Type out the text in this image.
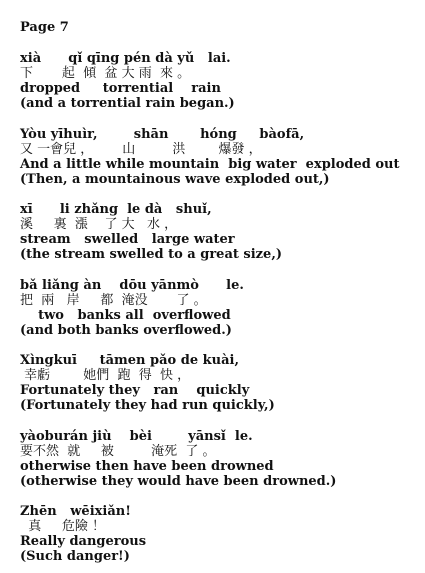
Page 7

xià      qǐ qīng pén dà yǔ   lai.

下       起  傾  盆 大 雨  來 。

dropped     torrential    rain

(and a torrential rain began.)

Yòu yīhuìr,        shān       hóng     bàofā,

又 一會兒 ，       山         洪        爆發 ，

And a little while mountain  big water  exploded out

(Then, a mountainous wave exploded out,)

xī      li zhǎng  le dà   shuǐ,

溪     裏  漲    了 大   水 ，

stream   swelled   large water

(the stream swelled to a great size,)

bǎ liǎng àn    dōu yānmò      le.

把  兩   岸     都  淹没       了 。

two   banks all  overflowed

(and both banks overflowed.)

Xìngkuī     tāmen pǎo de kuài,

幸虧        她們  跑  得  快 ，

Fortunately they   ran    quickly

(Fortunately they had run quickly,)

yàoburán jiù    bèi        yānsǐ  le.

要不然  就     被         淹死  了 。

otherwise then have been drowned

(otherwise they would have been drowned.)

Zhēn   wēixiǎn!

真     危險 ！

Really dangerous

(Such danger!)
